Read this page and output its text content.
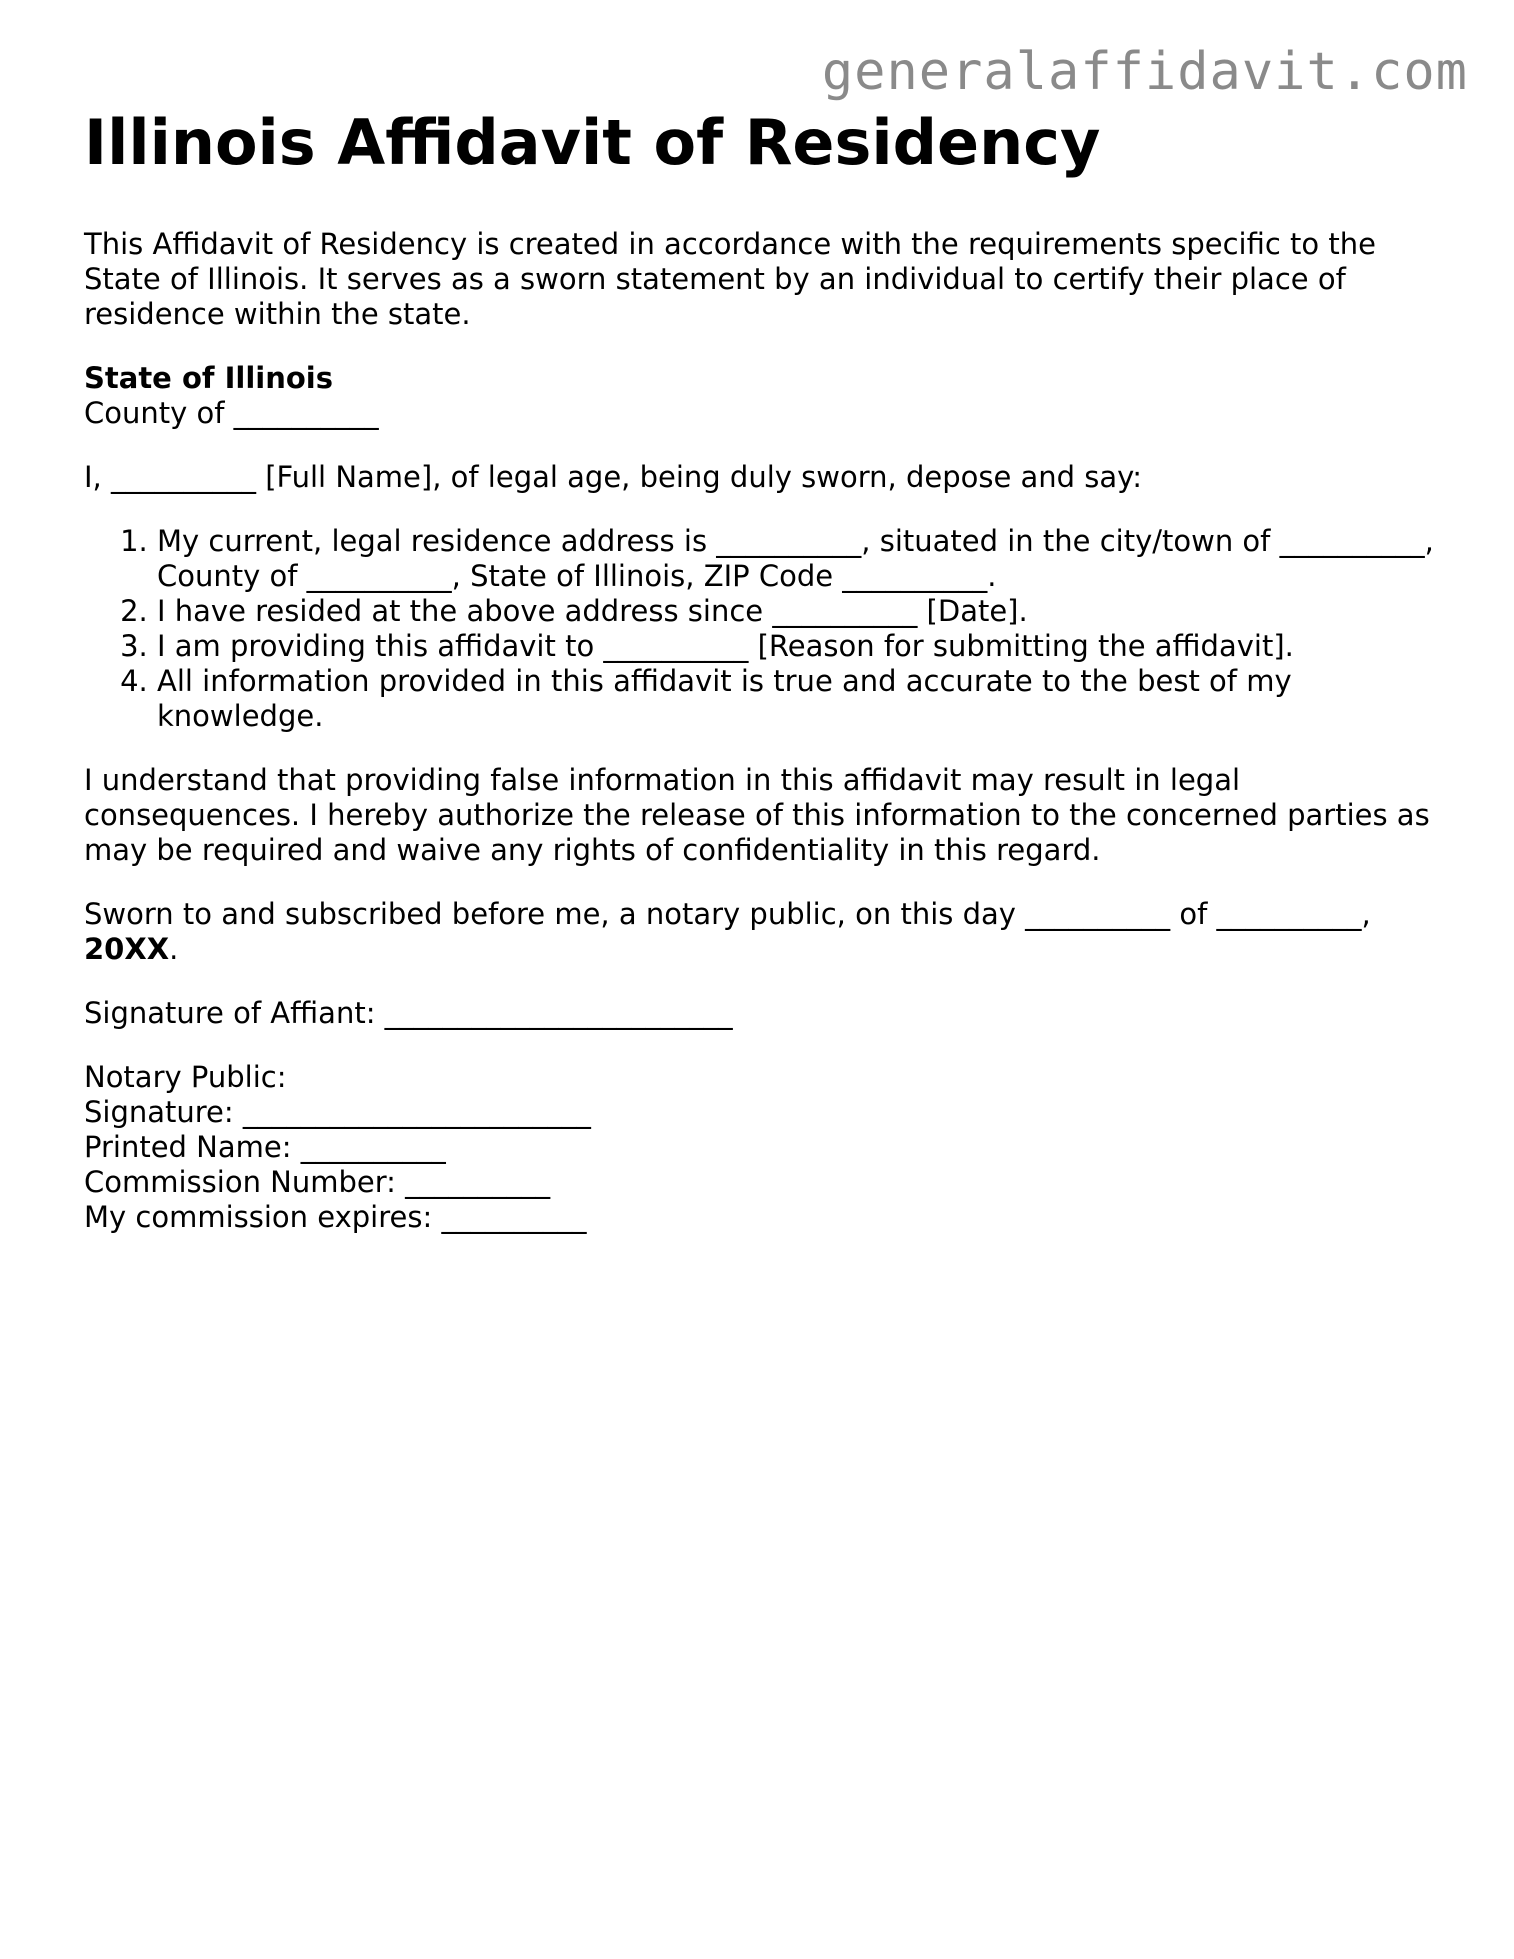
generalaffidavit.com
Illinois Affidavit of Residency

This Affidavit of Residency is created in accordance with the requirements specific to the State of Illinois. It serves as a sworn statement by an individual to certify their place of residence within the state.

State of Illinois
County of __________

I, __________ [Full Name], of legal age, being duly sworn, depose and say:

1. My current, legal residence address is __________, situated in the city/town of __________, County of __________, State of Illinois, ZIP Code __________.
2. I have resided at the above address since __________ [Date].
3. I am providing this affidavit to __________ [Reason for submitting the affidavit].
4. All information provided in this affidavit is true and accurate to the best of my knowledge.

I understand that providing false information in this affidavit may result in legal consequences. I hereby authorize the release of this information to the concerned parties as may be required and waive any rights of confidentiality in this regard.

Sworn to and subscribed before me, a notary public, on this day __________ of __________, 20XX.

Signature of Affiant: ________________________

Notary Public:
Signature: ________________________
Printed Name: __________
Commission Number: __________
My commission expires: __________
